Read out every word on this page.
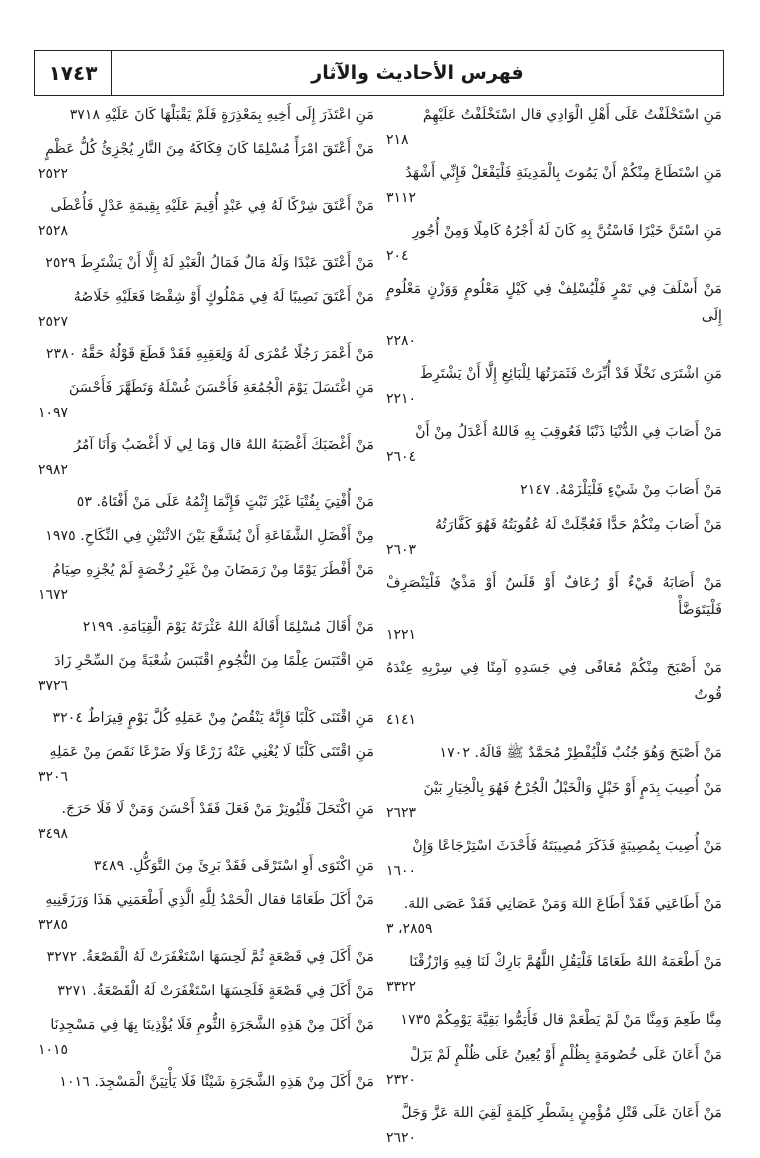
فهرس الأحاديث والآثار
١٧٤٣
مَنِ اسْتَخْلَفْتُ عَلَى أَهْلِ الْوَادِي قال اسْتَخْلَفْتُ عَلَيْهِمْ
٢١٨
مَنِ اسْتَطَاعَ مِنْكُمْ أَنْ يَمُوتَ بِالْمَدِينَةِ فَلْيَفْعَلْ فَإِنِّي أَشْهَدُ
٣١١٢
مَنِ اسْتَنَّ خَيْرًا فَاسْتُنَّ بِهِ كَانَ لَهُ أَجْرُهُ كَامِلًا وَمِنْ أُجُورِ
٢٠٤
مَنْ أَسْلَفَ فِي تَمْرٍ فَلْيُسْلِفْ فِي كَيْلٍ مَعْلُومٍ وَوَزْنٍ مَعْلُومٍ إِلَى
٢٢٨٠
مَنِ اشْتَرَى نَخْلًا قَدْ أُبِّرَتْ فَثَمَرَتُهَا لِلْبَائِعِ إِلَّا أَنْ يَشْتَرِطَ
٢٢١٠
مَنْ أَصَابَ فِي الدُّنْيَا ذَنْبًا فَعُوقِبَ بِهِ فَاللهُ أَعْدَلُ مِنْ أَنْ
٢٦٠٤
مَنْ أَصَابَ مِنْ شَيْءٍ فَلْيَلْزَمْهُ. ٢١٤٧
مَنْ أَصَابَ مِنْكُمْ حَدًّا فَعُجِّلَتْ لَهُ عُقُوبَتُهُ فَهُوَ كَفَّارَتُهُ
٢٦٠٣
مَنْ أَصَابَهُ قَيْءٌ أَوْ رُعَافٌ أَوْ قَلَسٌ أَوْ مَذْيٌ فَلْيَنْصَرِفْ فَلْيَتَوَضَّأْ
١٢٢١
مَنْ أَصْبَحَ مِنْكُمْ مُعَافًى فِي جَسَدِهِ آمِنًا فِي سِرْبِهِ عِنْدَهُ قُوتُ
٤١٤١
مَنْ أَصْبَحَ وَهُوَ جُنُبٌ فَلْيُفْطِرْ مُحَمَّدٌ ﷺ قَالَهُ. ١٧٠٢
مَنْ أُصِيبَ بِدَمٍ أَوْ خَبْلٍ وَالْخَبْلُ الْجُرْحُ فَهُوَ بِالْخِيَارِ بَيْنَ
٢٦٢٣
مَنْ أُصِيبَ بِمُصِيبَةٍ فَذَكَرَ مُصِيبَتَهُ فَأَحْدَثَ اسْتِرْجَاعًا وَإِنْ
١٦٠٠
مَنْ أَطَاعَنِي فَقَدْ أَطَاعَ اللهَ وَمَنْ عَصَانِي فَقَدْ عَصَى اللهَ.
٢٨٥٩، ٣
مَنْ أَطْعَمَهُ اللهُ طَعَامًا فَلْيَقُلِ اللَّهُمَّ بَارِكْ لَنَا فِيهِ وَارْزُقْنَا
٣٣٢٢
مِنَّا طَعِمَ وَمِنَّا مَنْ لَمْ يَطْعَمْ قال فَأَتِمُّوا بَقِيَّةَ يَوْمِكُمْ ١٧٣٥
مَنْ أَعَانَ عَلَى خُصُومَةٍ بِظُلْمٍ أَوْ يُعِينُ عَلَى ظُلْمٍ لَمْ يَزَلْ
٢٣٢٠
مَنْ أَعَانَ عَلَى قَتْلِ مُؤْمِنٍ بِشَطْرِ كَلِمَةٍ لَقِيَ اللهَ عَزَّ وَجَلَّ
٢٦٢٠
مَنِ اعْتَذَرَ إِلَى أَخِيهِ بِمَعْذِرَةٍ فَلَمْ يَقْبَلْهَا كَانَ عَلَيْهِ ٣٧١٨
مَنْ أَعْتَقَ امْرَأً مُسْلِمًا كَانَ فِكَاكَهُ مِنَ النَّارِ يُجْزِئُ كُلُّ عَظْمٍ
٢٥٢٢
مَنْ أَعْتَقَ شِرْكًا لَهُ فِي عَبْدٍ أُقِيمَ عَلَيْهِ بِقِيمَةِ عَدْلٍ فَأُعْطَى
٢٥٢٨
مَنْ أَعْتَقَ عَبْدًا وَلَهُ مَالٌ فَمَالُ الْعَبْدِ لَهُ إِلَّا أَنْ يَشْتَرِطَ ٢٥٢٩
مَنْ أَعْتَقَ نَصِيبًا لَهُ فِي مَمْلُوكٍ أَوْ شِقْصًا فَعَلَيْهِ خَلَاصُهُ
٢٥٢٧
مَنْ أَعْمَرَ رَجُلًا عُمْرَى لَهُ وَلِعَقِبِهِ فَقَدْ قَطَعَ قَوْلُهُ حَقَّهُ ٢٣٨٠
مَنِ اغْتَسَلَ يَوْمَ الْجُمُعَةِ فَأَحْسَنَ غُسْلَهُ وَتَطَهَّرَ فَأَحْسَنَ
١٠٩٧
مَنْ أَغْضَبَكَ أَغْضَبَهُ اللهُ قال وَمَا لِي لَا أَغْضَبُ وَأَنَا آمُرُ
٢٩٨٢
مَنْ أُفْتِيَ بِفُتْيَا غَيْرَ ثَبْتٍ فَإِنَّمَا إِثْمُهُ عَلَى مَنْ أَفْتَاهُ. ٥٣
مِنْ أَفْضَلِ الشَّفَاعَةِ أَنْ يُشَفَّعَ بَيْنَ الاثْنَيْنِ فِي النِّكَاحِ. ١٩٧٥
مَنْ أَفْطَرَ يَوْمًا مِنْ رَمَضَانَ مِنْ غَيْرِ رُخْصَةٍ لَمْ يُجْزِهِ صِيَامُ
١٦٧٢
مَنْ أَقَالَ مُسْلِمًا أَقَالَهُ اللهُ عَثْرَتَهُ يَوْمَ الْقِيَامَةِ. ٢١٩٩
مَنِ اقْتَبَسَ عِلْمًا مِنَ النُّجُومِ اقْتَبَسَ شُعْبَةً مِنَ السِّحْرِ زَادَ
٣٧٢٦
مَنِ اقْتَنَى كَلْبًا فَإِنَّهُ يَنْقُصُ مِنْ عَمَلِهِ كُلَّ يَوْمٍ قِيرَاطٌ ٣٢٠٤
مَنِ اقْتَنَى كَلْبًا لَا يُغْنِي عَنْهُ زَرْعًا وَلَا ضَرْعًا نَقَصَ مِنْ عَمَلِهِ
٣٢٠٦
مَنِ اكْتَحَلَ فَلْيُوتِرْ مَنْ فَعَلَ فَقَدْ أَحْسَنَ وَمَنْ لَا فَلَا حَرَجَ.
٣٤٩٨
مَنِ اكْتَوَى أَوِ اسْتَرْقَى فَقَدْ بَرِئَ مِنَ التَّوَكُّلِ. ٣٤٨٩
مَنْ أَكَلَ طَعَامًا فقال الْحَمْدُ لِلَّهِ الَّذِي أَطْعَمَنِي هَذَا وَرَزَقَنِيهِ
٣٢٨٥
مَنْ أَكَلَ فِي قَصْعَةٍ ثُمَّ لَحِسَهَا اسْتَغْفَرَتْ لَهُ الْقَصْعَةُ. ٣٢٧٢
مَنْ أَكَلَ فِي قَصْعَةٍ فَلَحِسَهَا اسْتَغْفَرَتْ لَهُ الْقَصْعَةُ. ٣٢٧١
مَنْ أَكَلَ مِنْ هَذِهِ الشَّجَرَةِ الثُّومِ فَلَا يُؤْذِينَا بِهَا فِي مَسْجِدِنَا
١٠١٥
مَنْ أَكَلَ مِنْ هَذِهِ الشَّجَرَةِ شَيْئًا فَلَا يَأْتِيَنَّ الْمَسْجِدَ. ١٠١٦
